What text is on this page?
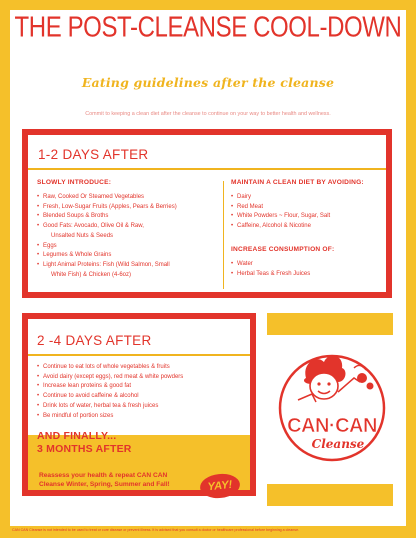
THE POST-CLEANSE COOL-DOWN
Eating guidelines after the cleanse
Commit to keeping a clean diet after the cleanse to continue on your way to better health and wellness.
1-2 DAYS AFTER
SLOWLY INTRODUCE:
• Raw, Cooked Or Steamed Vegetables
• Fresh, Low-Sugar Fruits (Apples, Pears & Berries)
• Blended Soups & Broths
• Good Fats: Avocado, Olive Oil & Raw,
Unsalted Nuts & Seeds
• Eggs
• Legumes & Whole Grains
• Light Animal Proteins: Fish (Wild Salmon, Small
White Fish) & Chicken (4-6oz)
MAINTAIN A CLEAN DIET BY AVOIDING:
• Dairy
• Red Meat
• White Powders ~ Flour, Sugar, Salt
• Caffeine, Alcohol & Nicotine
INCREASE CONSUMPTION OF:
• Water
• Herbal Teas & Fresh Juices
2 -4 DAYS AFTER
• Continue to eat lots of whole vegetables & fruits
• Avoid dairy (except eggs), red meat & white powders
• Increase lean proteins & good fat
• Continue to avoid caffeine & alcohol
• Drink lots of water, herbal tea & fresh juices
• Be mindful of portion sizes
AND FINALLY...
3 MONTHS AFTER
Reassess your health & repeat CAN CAN Cleanse Winter, Spring, Summer and Fall!	YAY!
CAN·CAN
Cleanse
CAN CAN Cleanse is not intended to be used to treat or cure disease or prevent illness. It is advised that you consult a doctor or healthcare professional before beginning a cleanse.
